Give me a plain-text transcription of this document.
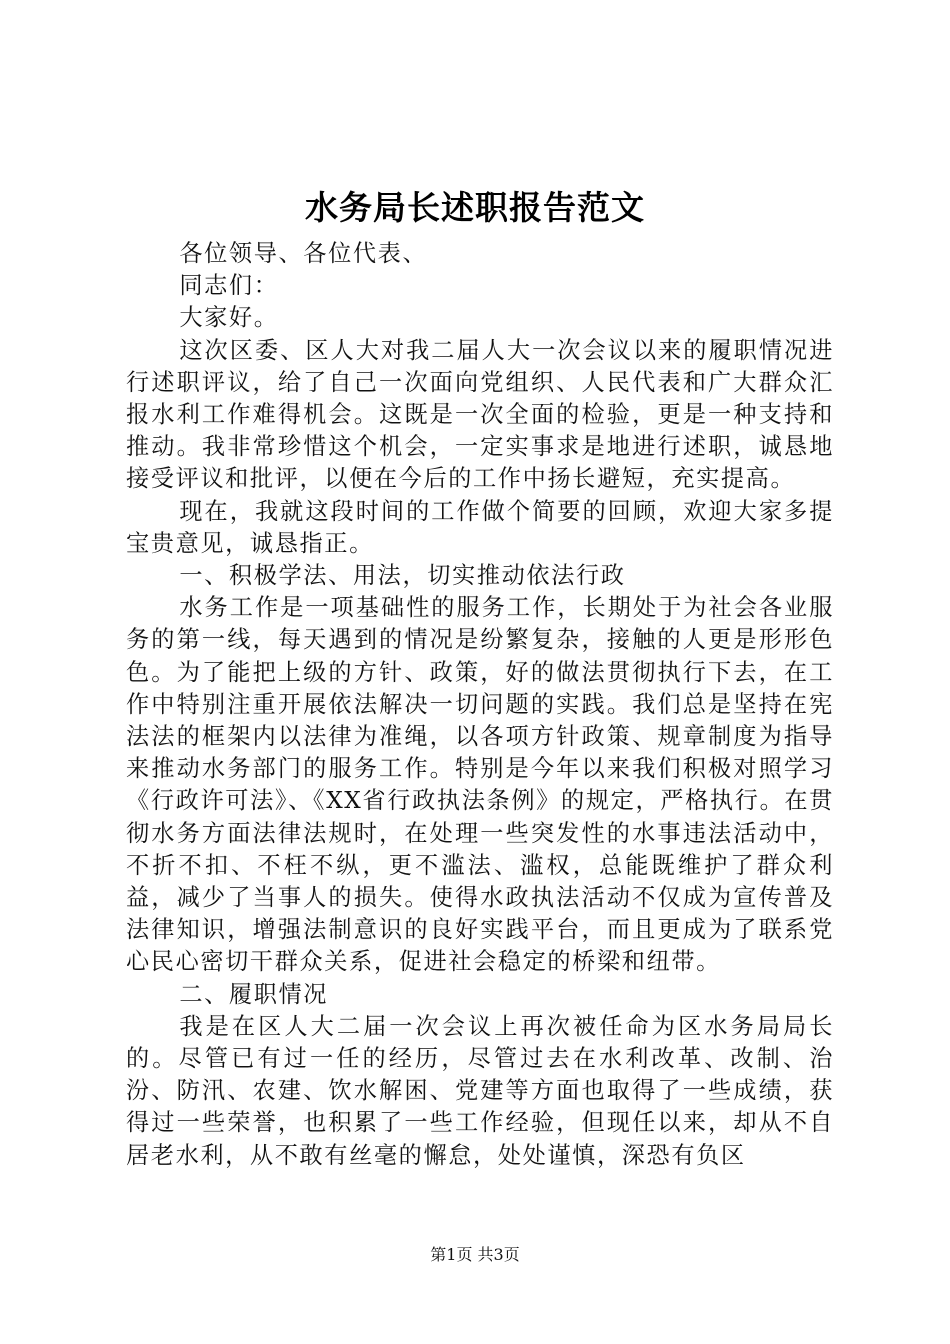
水务局长述职报告范文

各位领导、各位代表、

同志们：

大家好。

这次区委、区人大对我二届人大一次会议以来的履职情况进行述职评议，给了自己一次面向党组织、人民代表和广大群众汇报水利工作难得机会。这既是一次全面的检验，更是一种支持和推动。我非常珍惜这个机会，一定实事求是地进行述职，诚恳地接受评议和批评，以便在今后的工作中扬长避短，充实提高。

现在，我就这段时间的工作做个简要的回顾，欢迎大家多提宝贵意见，诚恳指正。

一、积极学法、用法，切实推动依法行政

水务工作是一项基础性的服务工作，长期处于为社会各业服务的第一线，每天遇到的情况是纷繁复杂，接触的人更是形形色色。为了能把上级的方针、政策，好的做法贯彻执行下去，在工作中特别注重开展依法解决一切问题的实践。我们总是坚持在宪法法的框架内以法律为准绳，以各项方针政策、规章制度为指导来推动水务部门的服务工作。特别是今年以来我们积极对照学习《行政许可法》、《XX省行政执法条例》的规定，严格执行。在贯彻水务方面法律法规时，在处理一些突发性的水事违法活动中，不折不扣、不枉不纵，更不滥法、滥权，总能既维护了群众利益，减少了当事人的损失。使得水政执法活动不仅成为宣传普及法律知识，增强法制意识的良好实践平台，而且更成为了联系党心民心密切干群众关系，促进社会稳定的桥梁和纽带。

二、履职情况

我是在区人大二届一次会议上再次被任命为区水务局局长的。尽管已有过一任的经历，尽管过去在水利改革、改制、治汾、防汛、农建、饮水解困、党建等方面也取得了一些成绩，获得过一些荣誉，也积累了一些工作经验，但现任以来，却从不自居老水利，从不敢有丝毫的懈怠，处处谨慎，深恐有负区

第1页 共3页
